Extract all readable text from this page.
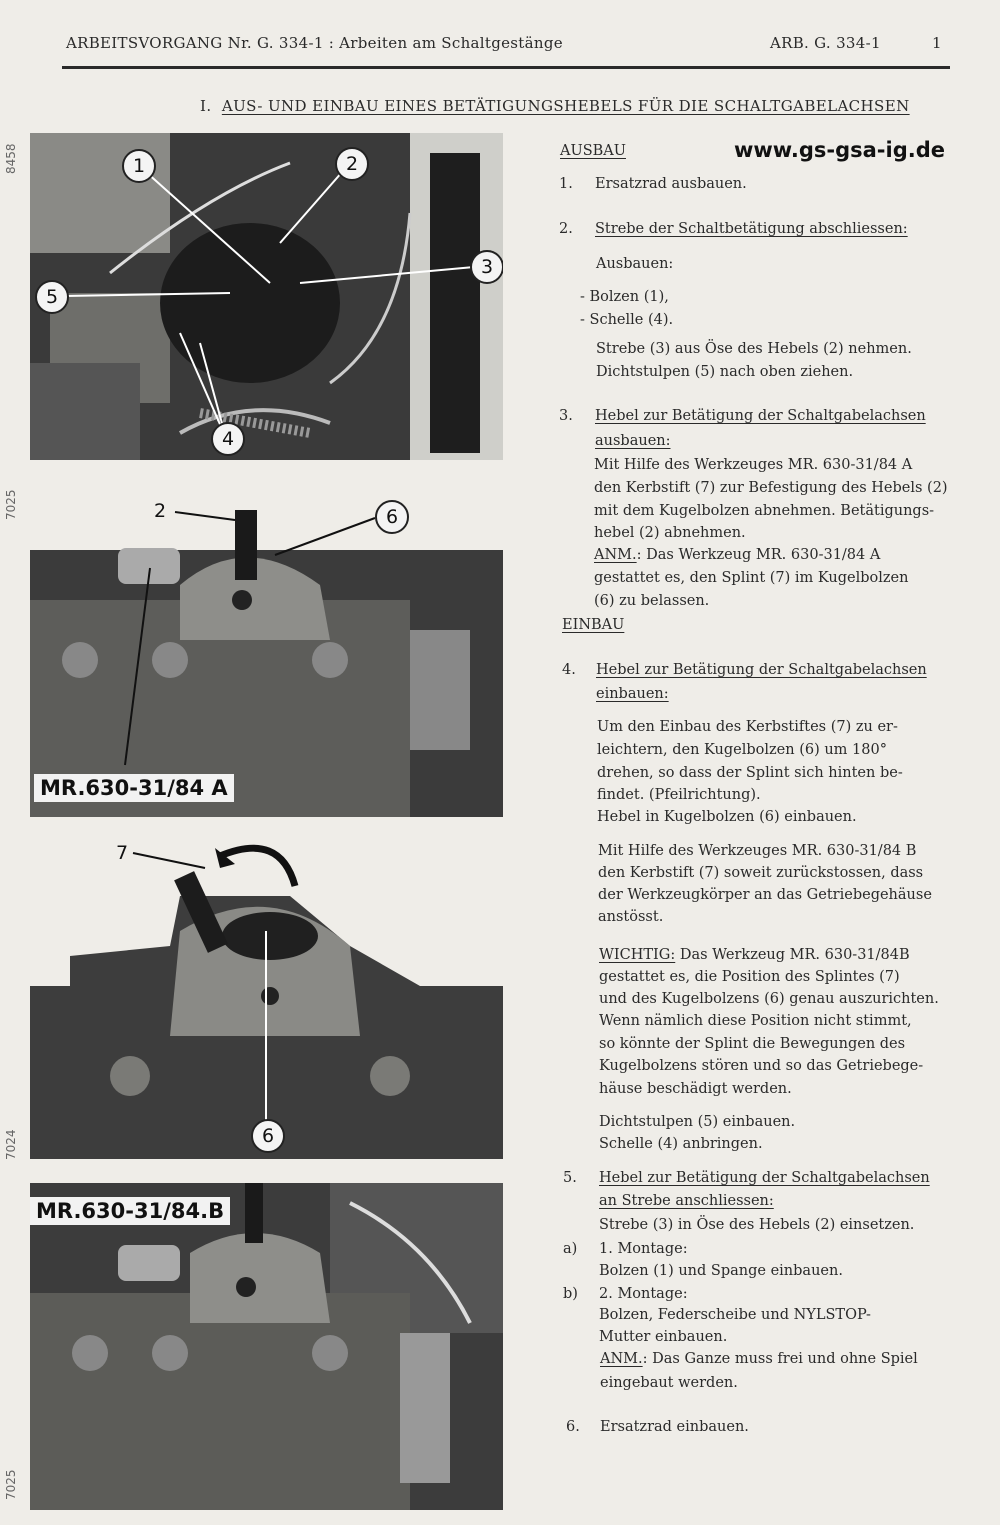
ARBEITSVORGANG Nr. G. 334-1 : Arbeiten am Schaltgestänge	ARB. G. 334-1	1
I. AUS- UND EINBAU EINES BETÄTIGUNGSHEBELS FÜR DIE SCHALTGABELACHSEN
www.gs-gsa-ig.de
8458
7025
7024
7025
1	2
3
4
5
2	6
MR.630-31/84 A
7
6
MR.630-31/84.B
AUSBAU
1. Ersatzrad ausbauen.
2. Strebe der Schaltbetätigung abschliessen:
Ausbauen:
- Bolzen (1),
- Schelle (4).
Strebe (3) aus Öse des Hebels (2) nehmen.
Dichtstulpen (5) nach oben ziehen.
3. Hebel zur Betätigung der Schaltgabelachsen
ausbauen:
Mit Hilfe des Werkzeuges MR. 630-31/84 A
den Kerbstift (7) zur Befestigung des Hebels (2)
mit dem Kugelbolzen abnehmen. Betätigungs-
hebel (2) abnehmen.
ANM.: Das Werkzeug MR. 630-31/84 A
gestattet es, den Splint (7) im Kugelbolzen
(6) zu belassen.
EINBAU
4. Hebel zur Betätigung der Schaltgabelachsen
einbauen:
Um den Einbau des Kerbstiftes (7) zu er-
leichtern, den Kugelbolzen (6) um 180°
drehen, so dass der Splint sich hinten be-
findet. (Pfeilrichtung).
Hebel in Kugelbolzen (6) einbauen.
Mit Hilfe des Werkzeuges MR. 630-31/84 B
den Kerbstift (7) soweit zurückstossen, dass
der Werkzeugkörper an das Getriebegehäuse
anstösst.
WICHTIG: Das Werkzeug MR. 630-31/84B
gestattet es, die Position des Splintes (7)
und des Kugelbolzens (6) genau auszurichten.
Wenn nämlich diese Position nicht stimmt,
so könnte der Splint die Bewegungen des
Kugelbolzens stören und so das Getriebege-
häuse beschädigt werden.
Dichtstulpen (5) einbauen.
Schelle (4) anbringen.
5. Hebel zur Betätigung der Schaltgabelachsen
an Strebe anschliessen:
Strebe (3) in Öse des Hebels (2) einsetzen.
a) 1. Montage:
Bolzen (1) und Spange einbauen.
b) 2. Montage:
Bolzen, Federscheibe und NYLSTOP-
Mutter einbauen.
ANM.: Das Ganze muss frei und ohne Spiel
eingebaut werden.
6. Ersatzrad einbauen.
